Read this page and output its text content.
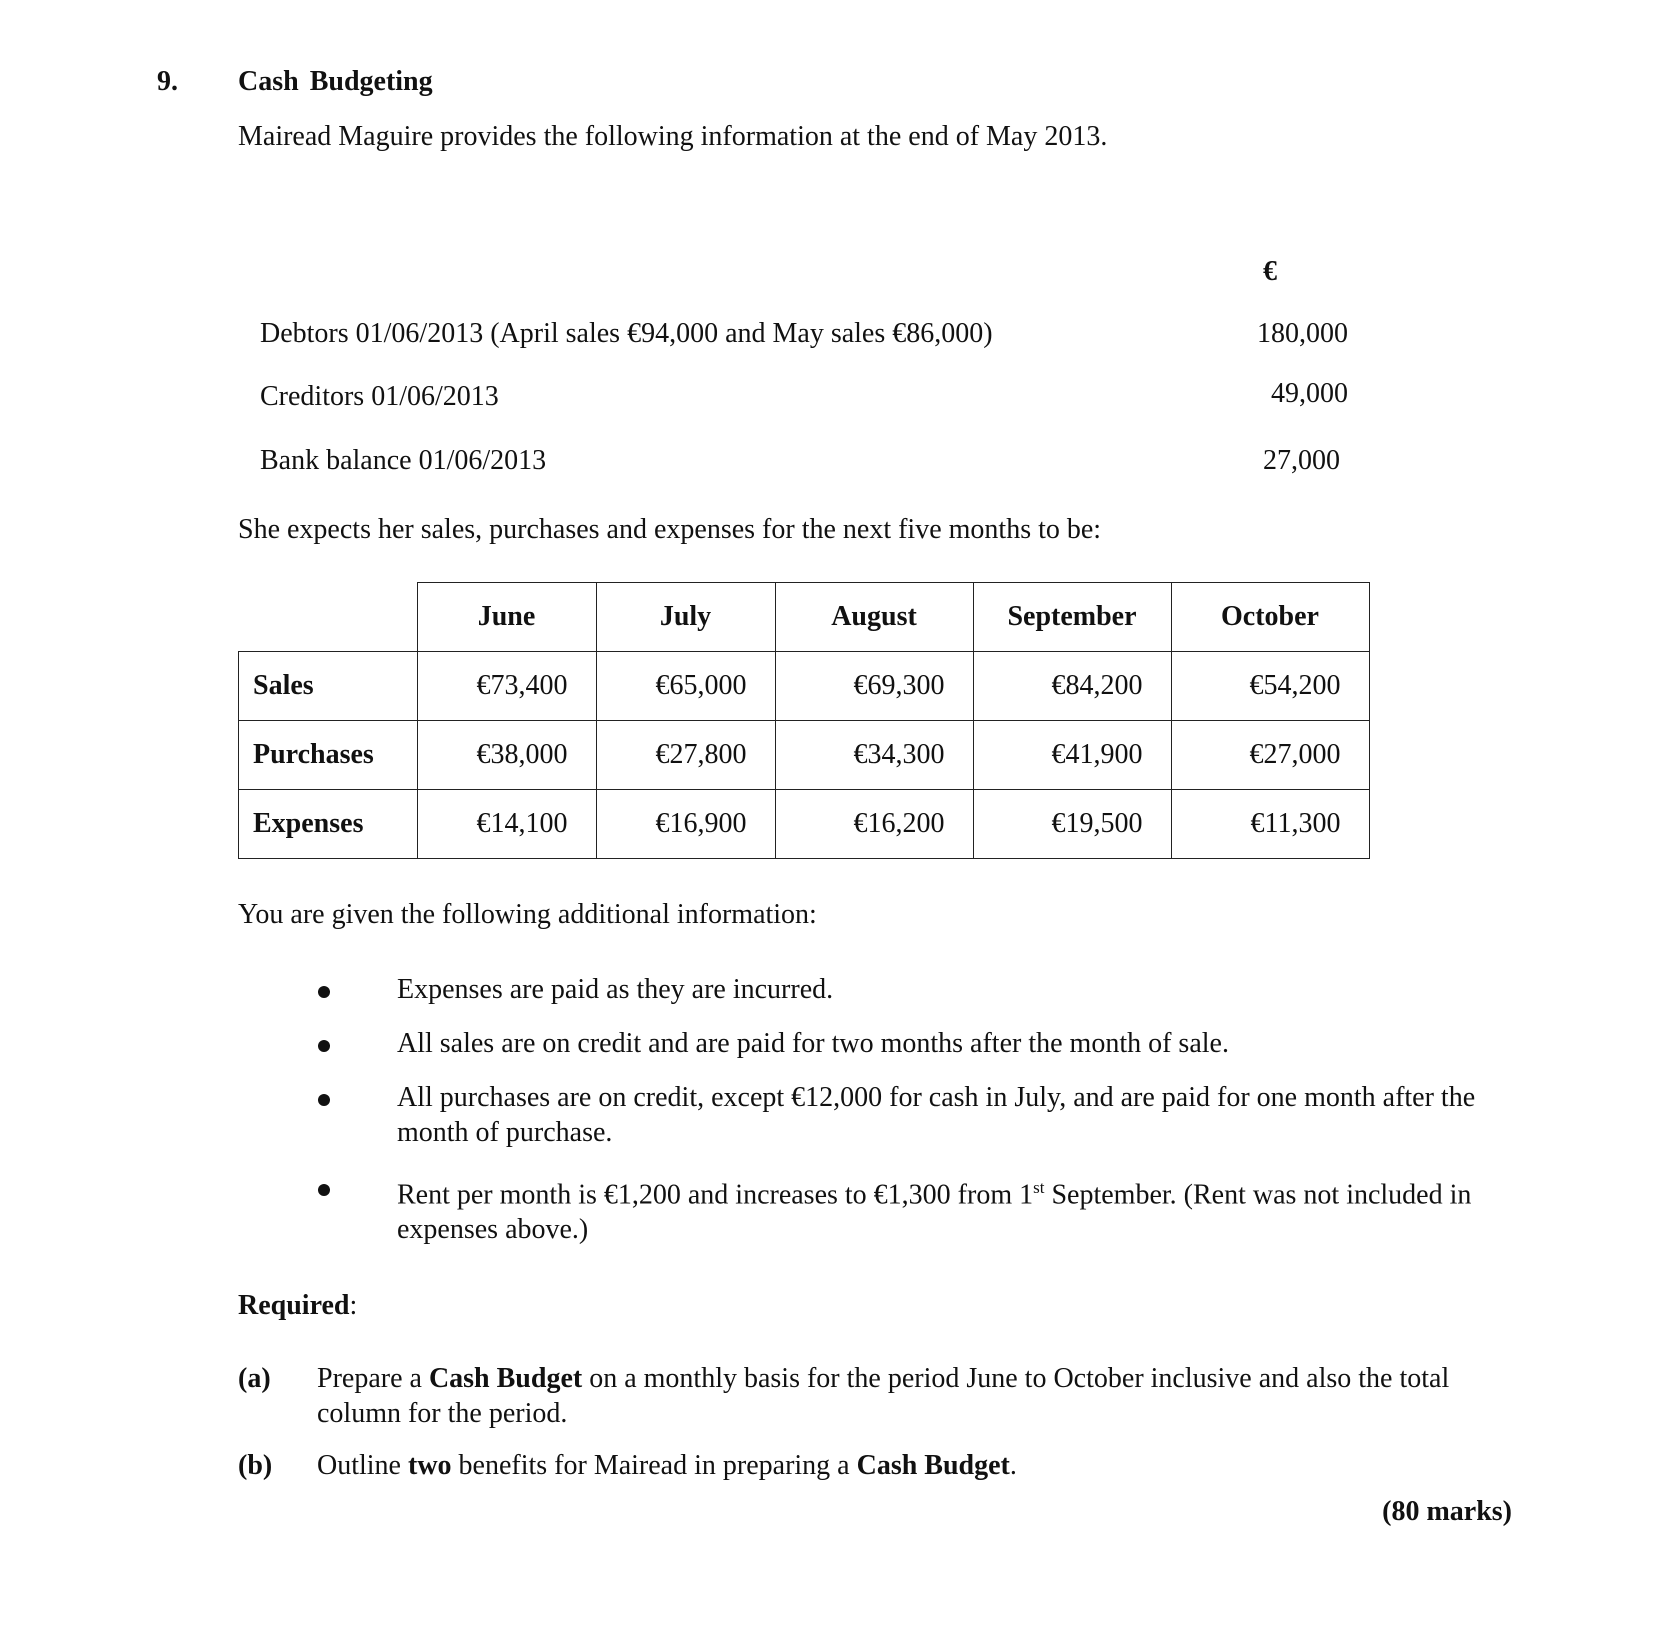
9. Cash Budgeting
Mairead Maguire provides the following information at the end of May 2013.
€
Debtors 01/06/2013 (April sales €94,000 and May sales €86,000)	180,000
Creditors 01/06/2013	49,000
Bank balance 01/06/2013	27,000
She expects her sales, purchases and expenses for the next five months to be:
	June	July	August	September	October
Sales	€73,400	€65,000	€69,300	€84,200	€54,200
Purchases	€38,000	€27,800	€34,300	€41,900	€27,000
Expenses	€14,100	€16,900	€16,200	€19,500	€11,300
You are given the following additional information:
Expenses are paid as they are incurred.
All sales are on credit and are paid for two months after the month of sale.
All purchases are on credit, except €12,000 for cash in July, and are paid for one month after the month of purchase.
Rent per month is €1,200 and increases to €1,300 from 1st September. (Rent was not included in expenses above.)
Required:
(a) Prepare a Cash Budget on a monthly basis for the period June to October inclusive and also the total column for the period.
(b) Outline two benefits for Mairead in preparing a Cash Budget.
(80 marks)
